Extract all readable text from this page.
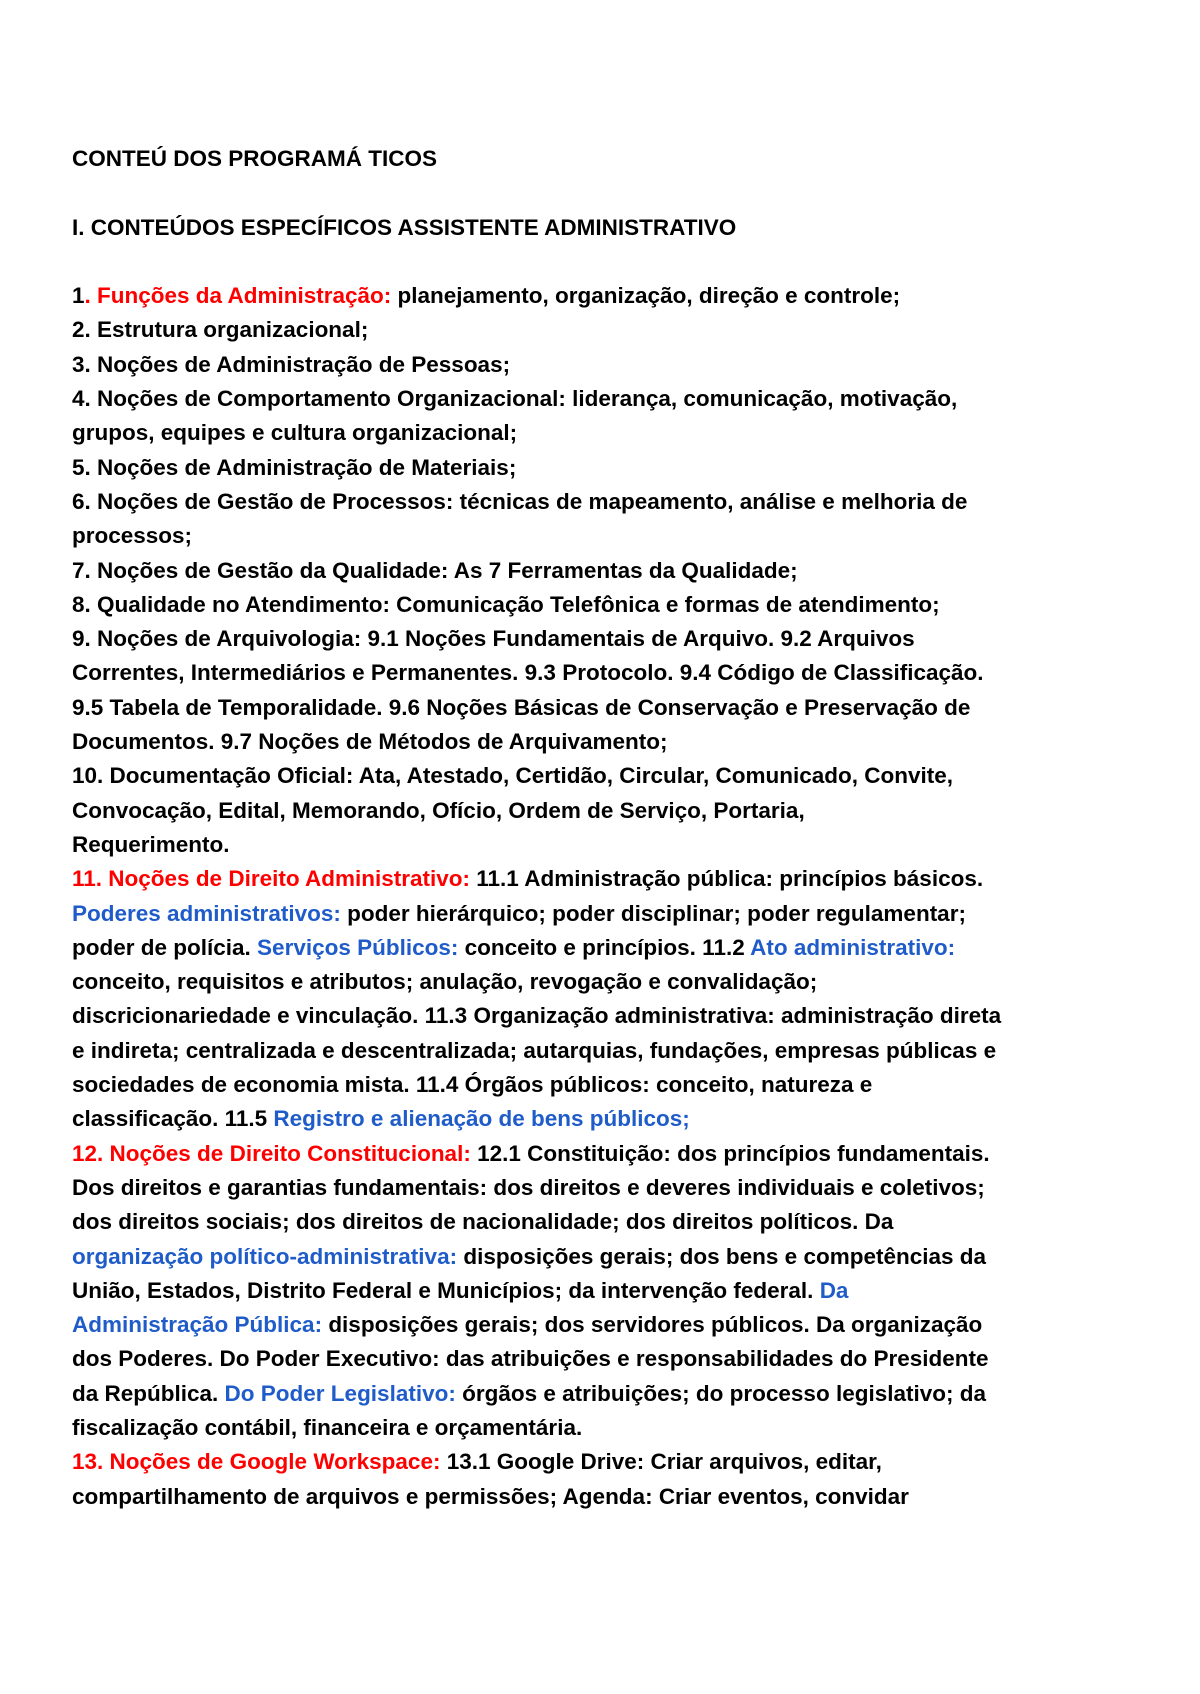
CONTEÚ DOS PROGRAMÁ TICOS
I. CONTEÚDOS ESPECÍFICOS ASSISTENTE ADMINISTRATIVO
1. Funções da Administração: planejamento, organização, direção e controle;
2. Estrutura organizacional;
3. Noções de Administração de Pessoas;
4. Noções de Comportamento Organizacional: liderança, comunicação, motivação,
grupos, equipes e cultura organizacional;
5. Noções de Administração de Materiais;
6. Noções de Gestão de Processos: técnicas de mapeamento, análise e melhoria de
processos;
7. Noções de Gestão da Qualidade: As 7 Ferramentas da Qualidade;
8. Qualidade no Atendimento: Comunicação Telefônica e formas de atendimento;
9. Noções de Arquivologia: 9.1 Noções Fundamentais de Arquivo. 9.2 Arquivos
Correntes, Intermediários e Permanentes. 9.3 Protocolo. 9.4 Código de Classificação.
9.5 Tabela de Temporalidade. 9.6 Noções Básicas de Conservação e Preservação de
Documentos. 9.7 Noções de Métodos de Arquivamento;
10. Documentação Oficial: Ata, Atestado, Certidão, Circular, Comunicado, Convite,
Convocação, Edital, Memorando, Ofício, Ordem de Serviço, Portaria,
Requerimento.
11. Noções de Direito Administrativo: 11.1 Administração pública: princípios básicos.
Poderes administrativos: poder hierárquico; poder disciplinar; poder regulamentar;
poder de polícia. Serviços Públicos: conceito e princípios. 11.2 Ato administrativo:
conceito, requisitos e atributos; anulação, revogação e convalidação;
discricionariedade e vinculação. 11.3 Organização administrativa: administração direta
e indireta; centralizada e descentralizada; autarquias, fundações, empresas públicas e
sociedades de economia mista. 11.4 Órgãos públicos: conceito, natureza e
classificação. 11.5 Registro e alienação de bens públicos;
12. Noções de Direito Constitucional: 12.1 Constituição: dos princípios fundamentais.
Dos direitos e garantias fundamentais: dos direitos e deveres individuais e coletivos;
dos direitos sociais; dos direitos de nacionalidade; dos direitos políticos. Da
organização político-administrativa: disposições gerais; dos bens e competências da
União, Estados, Distrito Federal e Municípios; da intervenção federal. Da
Administração Pública: disposições gerais; dos servidores públicos. Da organização
dos Poderes. Do Poder Executivo: das atribuições e responsabilidades do Presidente
da República. Do Poder Legislativo: órgãos e atribuições; do processo legislativo; da
fiscalização contábil, financeira e orçamentária.
13. Noções de Google Workspace: 13.1 Google Drive: Criar arquivos, editar,
compartilhamento de arquivos e permissões; Agenda: Criar eventos, convidar
